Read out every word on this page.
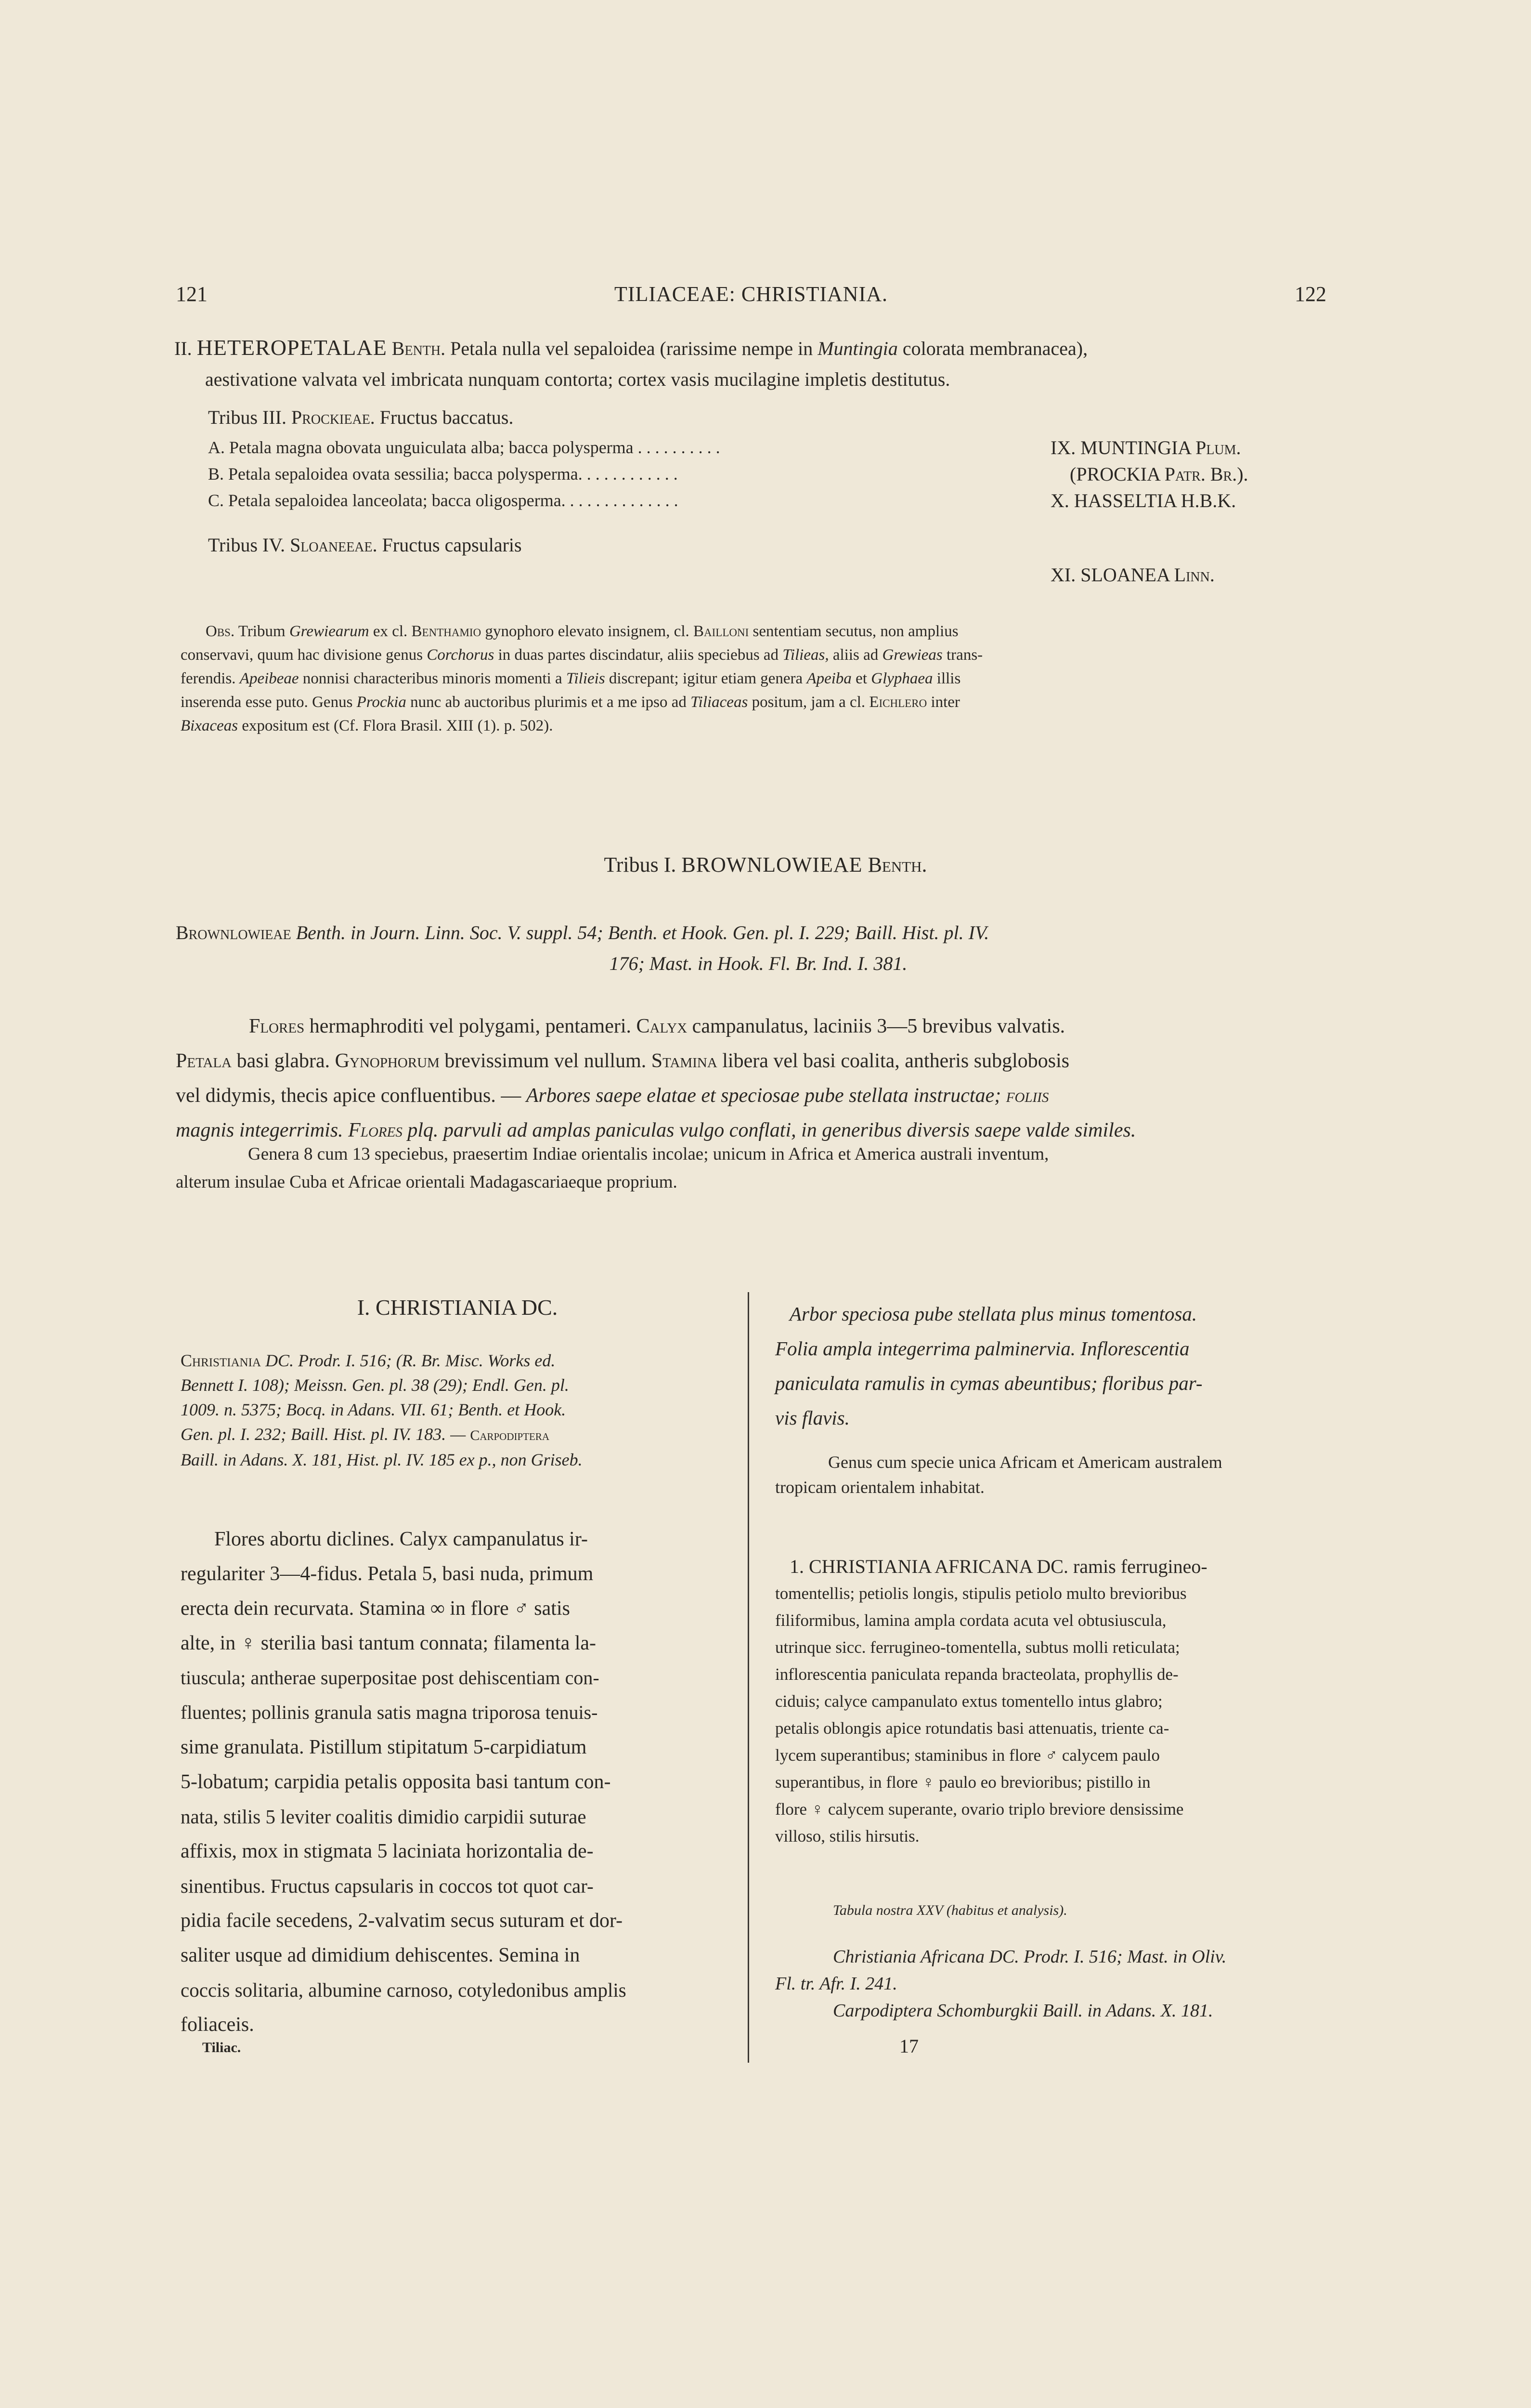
121	TILIACEAE: CHRISTIANIA.	122
II. HETEROPETALAE Benth. Petala nulla vel sepaloidea (rarissime nempe in Muntingia colorata membranacea),
aestivatione valvata vel imbricata nunquam contorta; cortex vasis mucilagine impletis destitutus.
Tribus III. Prockieae. Fructus baccatus.
A. Petala magna obovata unguiculata alba; bacca polysperma . . . . . . . . . .	IX. MUNTINGIA Plum.
B. Petala sepaloidea ovata sessilia; bacca polysperma. . . . . . . . . . . .	(PROCKIA Patr. Br.).
C. Petala sepaloidea lanceolata; bacca oligosperma. . . . . . . . . . . . . .	X. HASSELTIA H.B.K.
Tribus IV. Sloaneeae. Fructus capsularis
XI. SLOANEA Linn.
Obs. Tribum Grewiearum ex cl. Benthamio gynophoro elevato insignem, cl. Bailloni sententiam secutus, non amplius
conservavi, quum hac divisione genus Corchorus in duas partes discindatur, aliis speciebus ad Tilieas, aliis ad Grewieas trans-
ferendis. Apeibeae nonnisi characteribus minoris momenti a Tilieis discrepant; igitur etiam genera Apeiba et Glyphaea illis
inserenda esse puto. Genus Prockia nunc ab auctoribus plurimis et a me ipso ad Tiliaceas positum, jam a cl. Eichlero inter
Bixaceas expositum est (Cf. Flora Brasil. XIII (1). p. 502).
Tribus I. BROWNLOWIEAE Benth.
Brownlowieae Benth. in Journ. Linn. Soc. V. suppl. 54; Benth. et Hook. Gen. pl. I. 229; Baill. Hist. pl. IV.
176; Mast. in Hook. Fl. Br. Ind. I. 381.
Flores hermaphroditi vel polygami, pentameri. Calyx campanulatus, laciniis 3—5 brevibus valvatis.
Petala basi glabra. Gynophorum brevissimum vel nullum. Stamina libera vel basi coalita, antheris subglobosis
vel didymis, thecis apice confluentibus. — Arbores saepe elatae et speciosae pube stellata instructae; foliis
magnis integerrimis. Flores plq. parvuli ad amplas paniculas vulgo conflati, in generibus diversis saepe valde similes.
Genera 8 cum 13 speciebus, praesertim Indiae orientalis incolae; unicum in Africa et America australi inventum,
alterum insulae Cuba et Africae orientali Madagascariaeque proprium.
I. CHRISTIANIA DC.
Christiania DC. Prodr. I. 516; (R. Br. Misc. Works ed.
Bennett I. 108); Meissn. Gen. pl. 38 (29); Endl. Gen. pl.
1009. n. 5375; Bocq. in Adans. VII. 61; Benth. et Hook.
Gen. pl. I. 232; Baill. Hist. pl. IV. 183. — Carpodiptera
Baill. in Adans. X. 181, Hist. pl. IV. 185 ex p., non Griseb.
Flores abortu diclines. Calyx campanulatus ir-
regulariter 3—4-fidus. Petala 5, basi nuda, primum
erecta dein recurvata. Stamina ∞ in flore ♂ satis
alte, in ♀ sterilia basi tantum connata; filamenta la-
tiuscula; antherae superpositae post dehiscentiam con-
fluentes; pollinis granula satis magna triporosa tenuis-
sime granulata. Pistillum stipitatum 5-carpidiatum
5-lobatum; carpidia petalis opposita basi tantum con-
nata, stilis 5 leviter coalitis dimidio carpidii suturae
affixis, mox in stigmata 5 laciniata horizontalia de-
sinentibus. Fructus capsularis in coccos tot quot car-
pidia facile secedens, 2-valvatim secus suturam et dor-
saliter usque ad dimidium dehiscentes. Semina in
coccis solitaria, albumine carnoso, cotyledonibus amplis
foliaceis.
Tiliac.
Arbor speciosa pube stellata plus minus tomentosa.
Folia ampla integerrima palminervia. Inflorescentia
paniculata ramulis in cymas abeuntibus; floribus par-
vis flavis.
Genus cum specie unica Africam et Americam australem
tropicam orientalem inhabitat.
1. CHRISTIANIA AFRICANA DC. ramis ferrugineo-
tomentellis; petiolis longis, stipulis petiolo multo brevioribus
filiformibus, lamina ampla cordata acuta vel obtusiuscula,
utrinque sicc. ferrugineo-tomentella, subtus molli reticulata;
inflorescentia paniculata repanda bracteolata, prophyllis de-
ciduis; calyce campanulato extus tomentello intus glabro;
petalis oblongis apice rotundatis basi attenuatis, triente ca-
lycem superantibus; staminibus in flore ♂ calycem paulo
superantibus, in flore ♀ paulo eo brevioribus; pistillo in
flore ♀ calycem superante, ovario triplo breviore densissime
villoso, stilis hirsutis.
Tabula nostra XXV (habitus et analysis).
Christiania Africana DC. Prodr. I. 516; Mast. in Oliv.
Fl. tr. Afr. I. 241.
Carpodiptera Schomburgkii Baill. in Adans. X. 181.
17
